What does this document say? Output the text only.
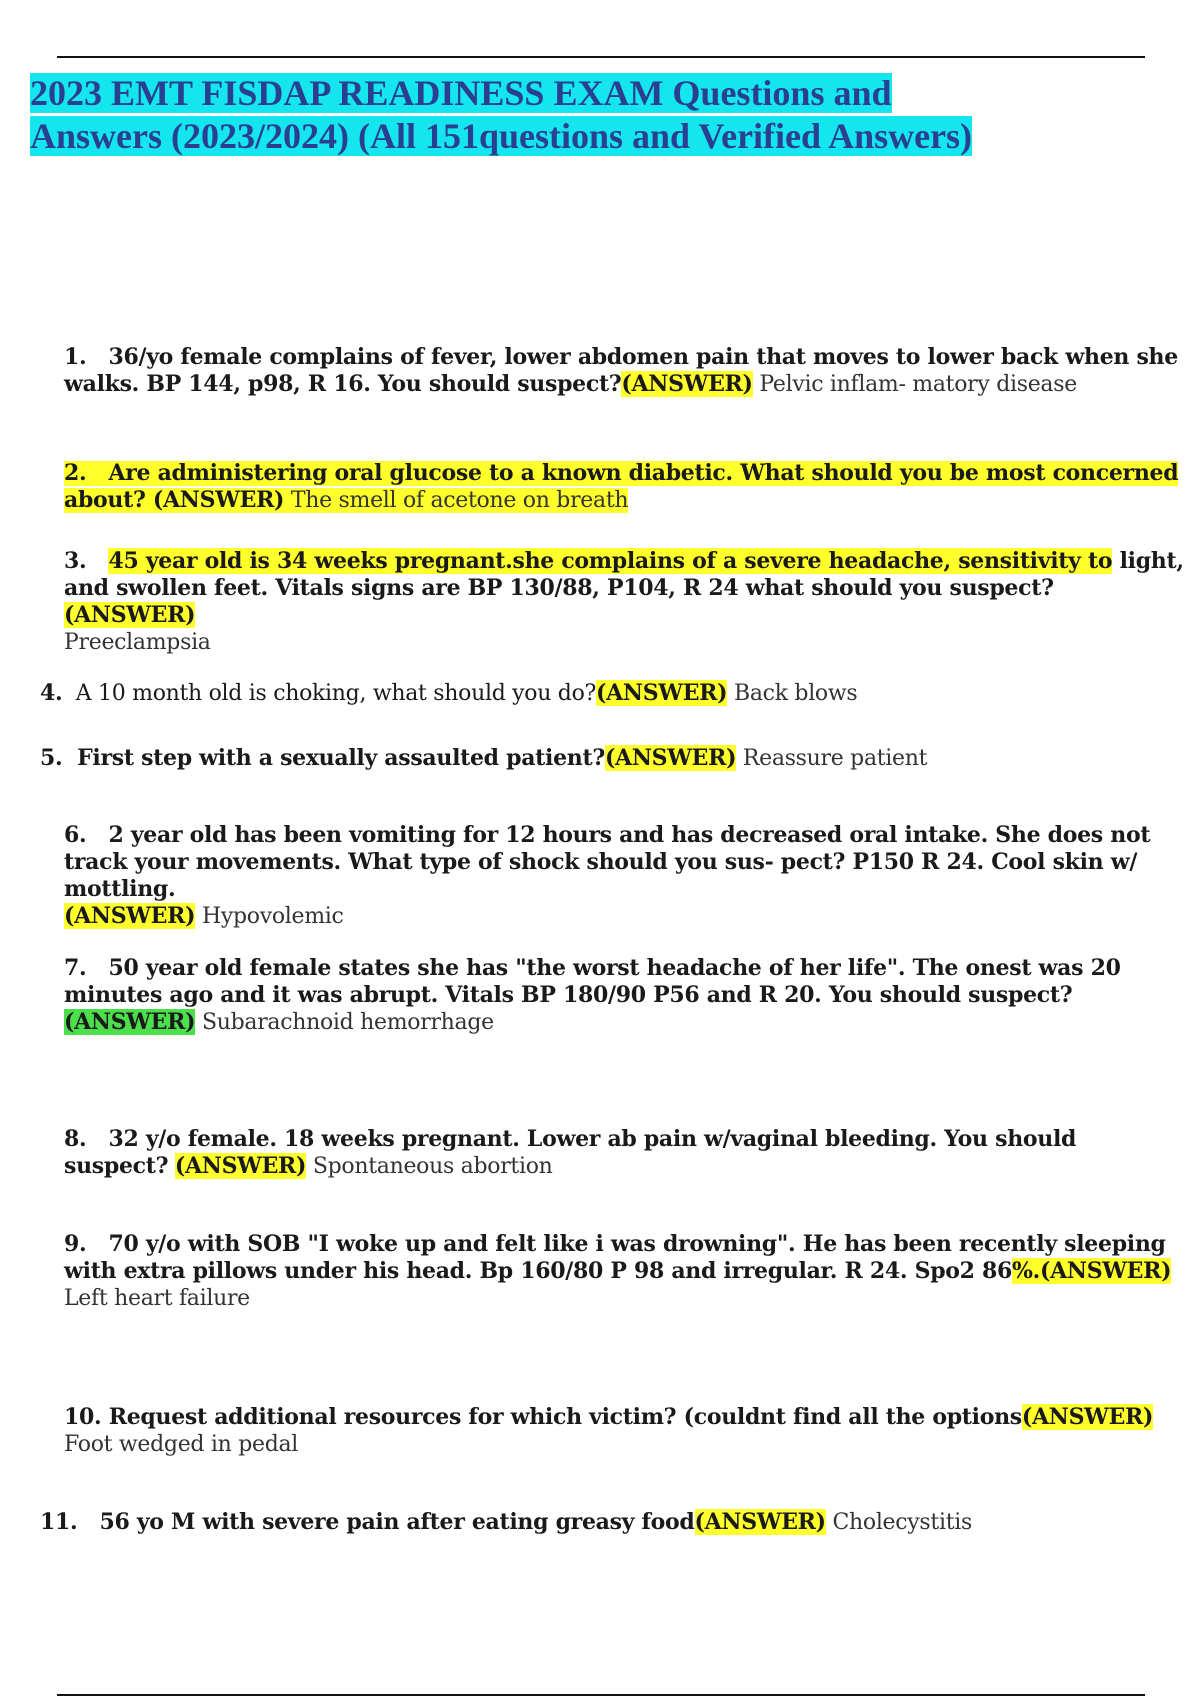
2023 EMT FISDAP READINESS EXAM Questions and
Answers (2023/2024) (All 151questions and Verified Answers)
1. 36/yo female complains of fever, lower abdomen pain that moves to lower back when she walks. BP 144, p98, R 16. You should suspect?(ANSWER) Pelvic inflam- matory disease
2. Are administering oral glucose to a known diabetic. What should you be most concerned about? (ANSWER) The smell of acetone on breath
3. 45 year old is 34 weeks pregnant.she complains of a severe headache, sensitivity to light, and swollen feet. Vitals signs are BP 130/88, P104, R 24 what should you suspect?(ANSWER)
Preeclampsia
4. A 10 month old is choking, what should you do?(ANSWER) Back blows
5. First step with a sexually assaulted patient?(ANSWER) Reassure patient
6. 2 year old has been vomiting for 12 hours and has decreased oral intake. She does not track your movements. What type of shock should you sus- pect? P150 R 24. Cool skin w/ mottling.
(ANSWER) Hypovolemic
7. 50 year old female states she has "the worst headache of her life". The onest was 20 minutes ago and it was abrupt. Vitals BP 180/90 P56 and R 20. You should suspect?(ANSWER) Subarachnoid hemorrhage
8. 32 y/o female. 18 weeks pregnant. Lower ab pain w/vaginal bleeding. You should suspect? (ANSWER) Spontaneous abortion
9. 70 y/o with SOB "I woke up and felt like i was drowning". He has been recently sleeping with extra pillows under his head. Bp 160/80 P 98 and irregular. R 24. Spo2 86%.(ANSWER)
Left heart failure
10. Request additional resources for which victim? (couldnt find all the options(ANSWER)
Foot wedged in pedal
11. 56 yo M with severe pain after eating greasy food(ANSWER) Cholecystitis
